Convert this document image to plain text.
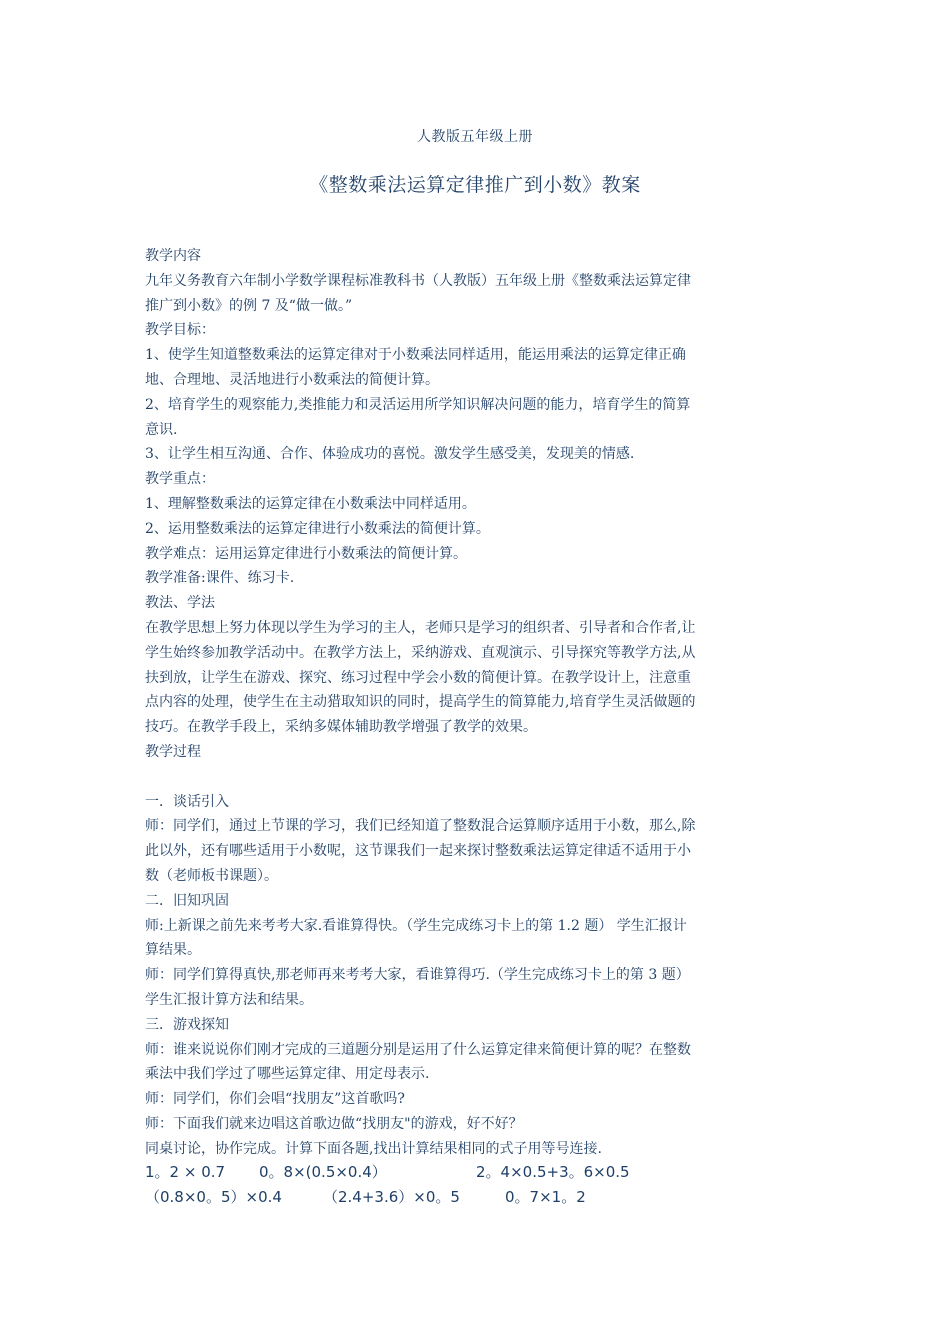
人教版五年级上册
《整数乘法运算定律推广到小数》教案
教学内容
九年义务教育六年制小学数学课程标准教科书（人教版）五年级上册《整数乘法运算定律
推广到小数》的例 7 及“做一做。”
教学目标：
1、使学生知道整数乘法的运算定律对于小数乘法同样适用，能运用乘法的运算定律正确
地、合理地、灵活地进行小数乘法的简便计算。
2、培育学生的观察能力,类推能力和灵活运用所学知识解决问题的能力，培育学生的简算
意识.
3、让学生相互沟通、合作、体验成功的喜悦。激发学生感受美，发现美的情感.
教学重点：
1、理解整数乘法的运算定律在小数乘法中同样适用。
2、运用整数乘法的运算定律进行小数乘法的简便计算。
教学难点：运用运算定律进行小数乘法的简便计算。
教学准备:课件、练习卡.
教法、学法
在教学思想上努力体现以学生为学习的主人，老师只是学习的组织者、引导者和合作者,让
学生始终参加教学活动中。在教学方法上，采纳游戏、直观演示、引导探究等教学方法,从
扶到放，让学生在游戏、探究、练习过程中学会小数的简便计算。在教学设计上，注意重
点内容的处理，使学生在主动猎取知识的同时，提高学生的简算能力,培育学生灵活做题的
技巧。在教学手段上，采纳多媒体辅助教学增强了教学的效果。
教学过程
一．谈话引入
师：同学们，通过上节课的学习，我们已经知道了整数混合运算顺序适用于小数，那么,除
此以外，还有哪些适用于小数呢，这节课我们一起来探讨整数乘法运算定律适不适用于小
数（老师板书课题）。
二．旧知巩固
师:上新课之前先来考考大家.看谁算得快。（学生完成练习卡上的第 1.2 题） 学生汇报计
算结果。
师：同学们算得真快,那老师再来考考大家，看谁算得巧.（学生完成练习卡上的第 3 题）
学生汇报计算方法和结果。
三．游戏探知
师：谁来说说你们刚才完成的三道题分别是运用了什么运算定律来简便计算的呢？在整数
乘法中我们学过了哪些运算定律、用定母表示.
师：同学们，你们会唱“找朋友”这首歌吗?
师：下面我们就来边唱这首歌边做“找朋友"的游戏，好不好？
同桌讨论，协作完成。计算下面各题,找出计算结果相同的式子用等号连接.
1。2 × 0.7 0。8×(0.5×0.4）	2。4×0.5+3。6×0.5
（0.8×0。5）×0.4	（2.4+3.6）×0。5	0。7×1。2
